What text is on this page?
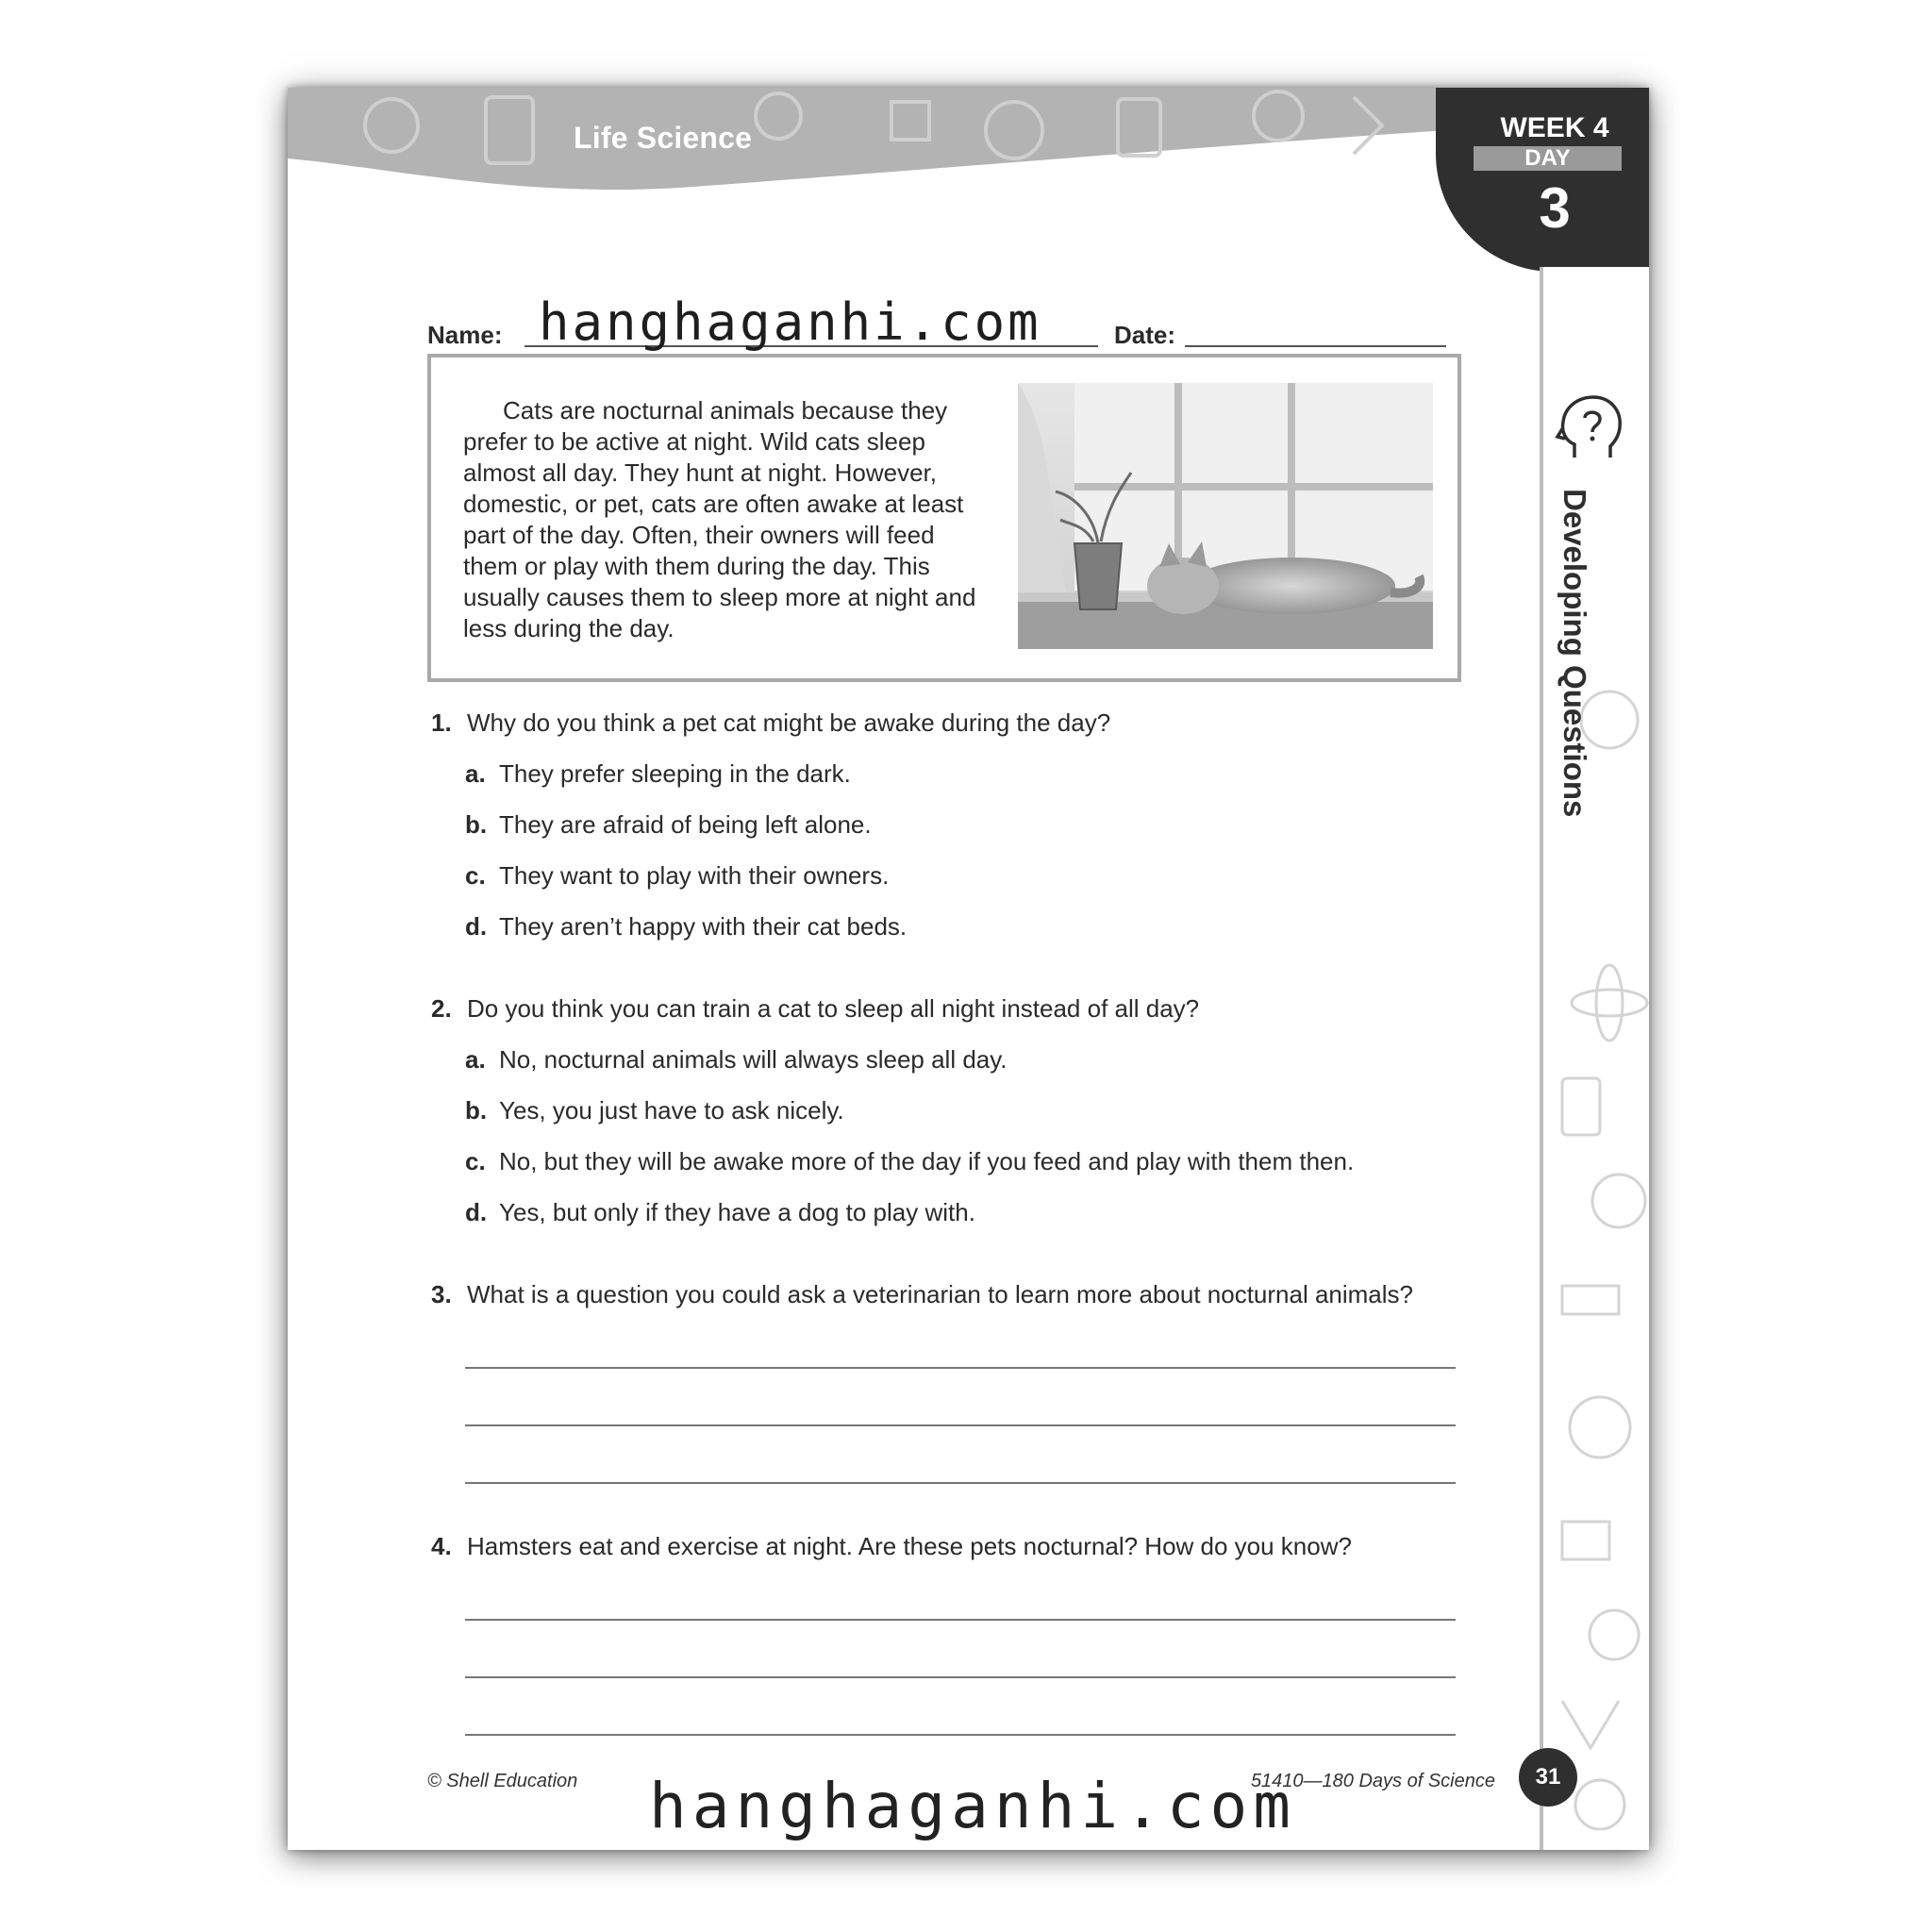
Life Science	WEEK 4
DAY
3
Developing Questions
Name: hanghaganhi.com	Date:
1. Why do you think a pet cat might be awake during the day?
a. They prefer sleeping in the dark.
b. They are afraid of being left alone.
c. They want to play with their owners.
d. They aren’t happy with their cat beds.
2. Do you think you can train a cat to sleep all night instead of all day?
a. No, nocturnal animals will always sleep all day.
b. Yes, you just have to ask nicely.
c. No, but they will be awake more of the day if you feed and play with them then.
d. Yes, but only if they have a dog to play with.
3. What is a question you could ask a veterinarian to learn more about nocturnal animals?
4. Hamsters eat and exercise at night. Are these pets nocturnal? How do you know?
© Shell Education	51410—180 Days of Science	31
Cats are nocturnal animals because they
prefer to be active at night. Wild cats sleep
almost all day. They hunt at night. However,
domestic, or pet, cats are often awake at least
part of the day. Often, their owners will feed
them or play with them during the day. This
usually causes them to sleep more at night and
less during the day.
hanghaganhi.com
